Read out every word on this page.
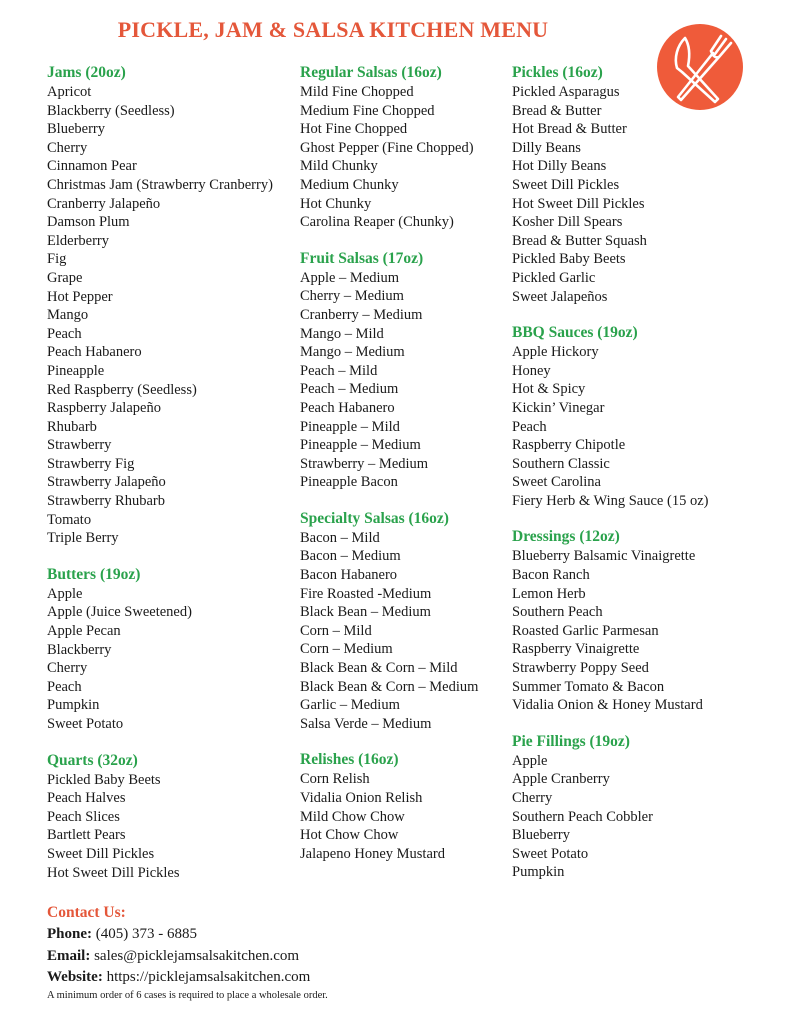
PICKLE, JAM & SALSA KITCHEN MENU
Jams (20oz)
Apricot
Blackberry (Seedless)
Blueberry
Cherry
Cinnamon Pear
Christmas Jam (Strawberry Cranberry)
Cranberry Jalapeño
Damson Plum
Elderberry
Fig
Grape
Hot Pepper
Mango
Peach
Peach Habanero
Pineapple
Red Raspberry (Seedless)
Raspberry Jalapeño
Rhubarb
Strawberry
Strawberry Fig
Strawberry Jalapeño
Strawberry Rhubarb
Tomato
Triple Berry
Butters (19oz)
Apple
Apple (Juice Sweetened)
Apple Pecan
Blackberry
Cherry
Peach
Pumpkin
Sweet Potato
Quarts (32oz)
Pickled Baby Beets
Peach Halves
Peach Slices
Bartlett Pears
Sweet Dill Pickles
Hot Sweet Dill Pickles
Regular Salsas (16oz)
Mild Fine Chopped
Medium Fine Chopped
Hot Fine Chopped
Ghost Pepper (Fine Chopped)
Mild Chunky
Medium Chunky
Hot Chunky
Carolina Reaper (Chunky)
Fruit Salsas (17oz)
Apple – Medium
Cherry – Medium
Cranberry – Medium
Mango – Mild
Mango – Medium
Peach – Mild
Peach – Medium
Peach Habanero
Pineapple – Mild
Pineapple – Medium
Strawberry – Medium
Pineapple Bacon
Specialty Salsas (16oz)
Bacon – Mild
Bacon – Medium
Bacon Habanero
Fire Roasted -Medium
Black Bean – Medium
Corn – Mild
Corn – Medium
Black Bean & Corn – Mild
Black Bean & Corn – Medium
Garlic – Medium
Salsa Verde – Medium
Relishes (16oz)
Corn Relish
Vidalia Onion Relish
Mild Chow Chow
Hot Chow Chow
Jalapeno Honey Mustard
Pickles (16oz)
Pickled Asparagus
Bread & Butter
Hot Bread & Butter
Dilly Beans
Hot Dilly Beans
Sweet Dill Pickles
Hot Sweet Dill Pickles
Kosher Dill Spears
Bread & Butter Squash
Pickled Baby Beets
Pickled Garlic
Sweet Jalapeños
BBQ Sauces (19oz)
Apple Hickory
Honey
Hot & Spicy
Kickin’ Vinegar
Peach
Raspberry Chipotle
Southern Classic
Sweet Carolina
Fiery Herb & Wing Sauce (15 oz)
Dressings (12oz)
Blueberry Balsamic Vinaigrette
Bacon Ranch
Lemon Herb
Southern Peach
Roasted Garlic Parmesan
Raspberry Vinaigrette
Strawberry Poppy Seed
Summer Tomato & Bacon
Vidalia Onion & Honey Mustard
Pie Fillings (19oz)
Apple
Apple Cranberry
Cherry
Southern Peach Cobbler
Blueberry
Sweet Potato
Pumpkin
Contact Us:
Phone: (405) 373 - 6885
Email: sales@picklejamsalsakitchen.com
Website: https://picklejamsalsakitchen.com
A minimum order of 6 cases is required to place a wholesale order.
